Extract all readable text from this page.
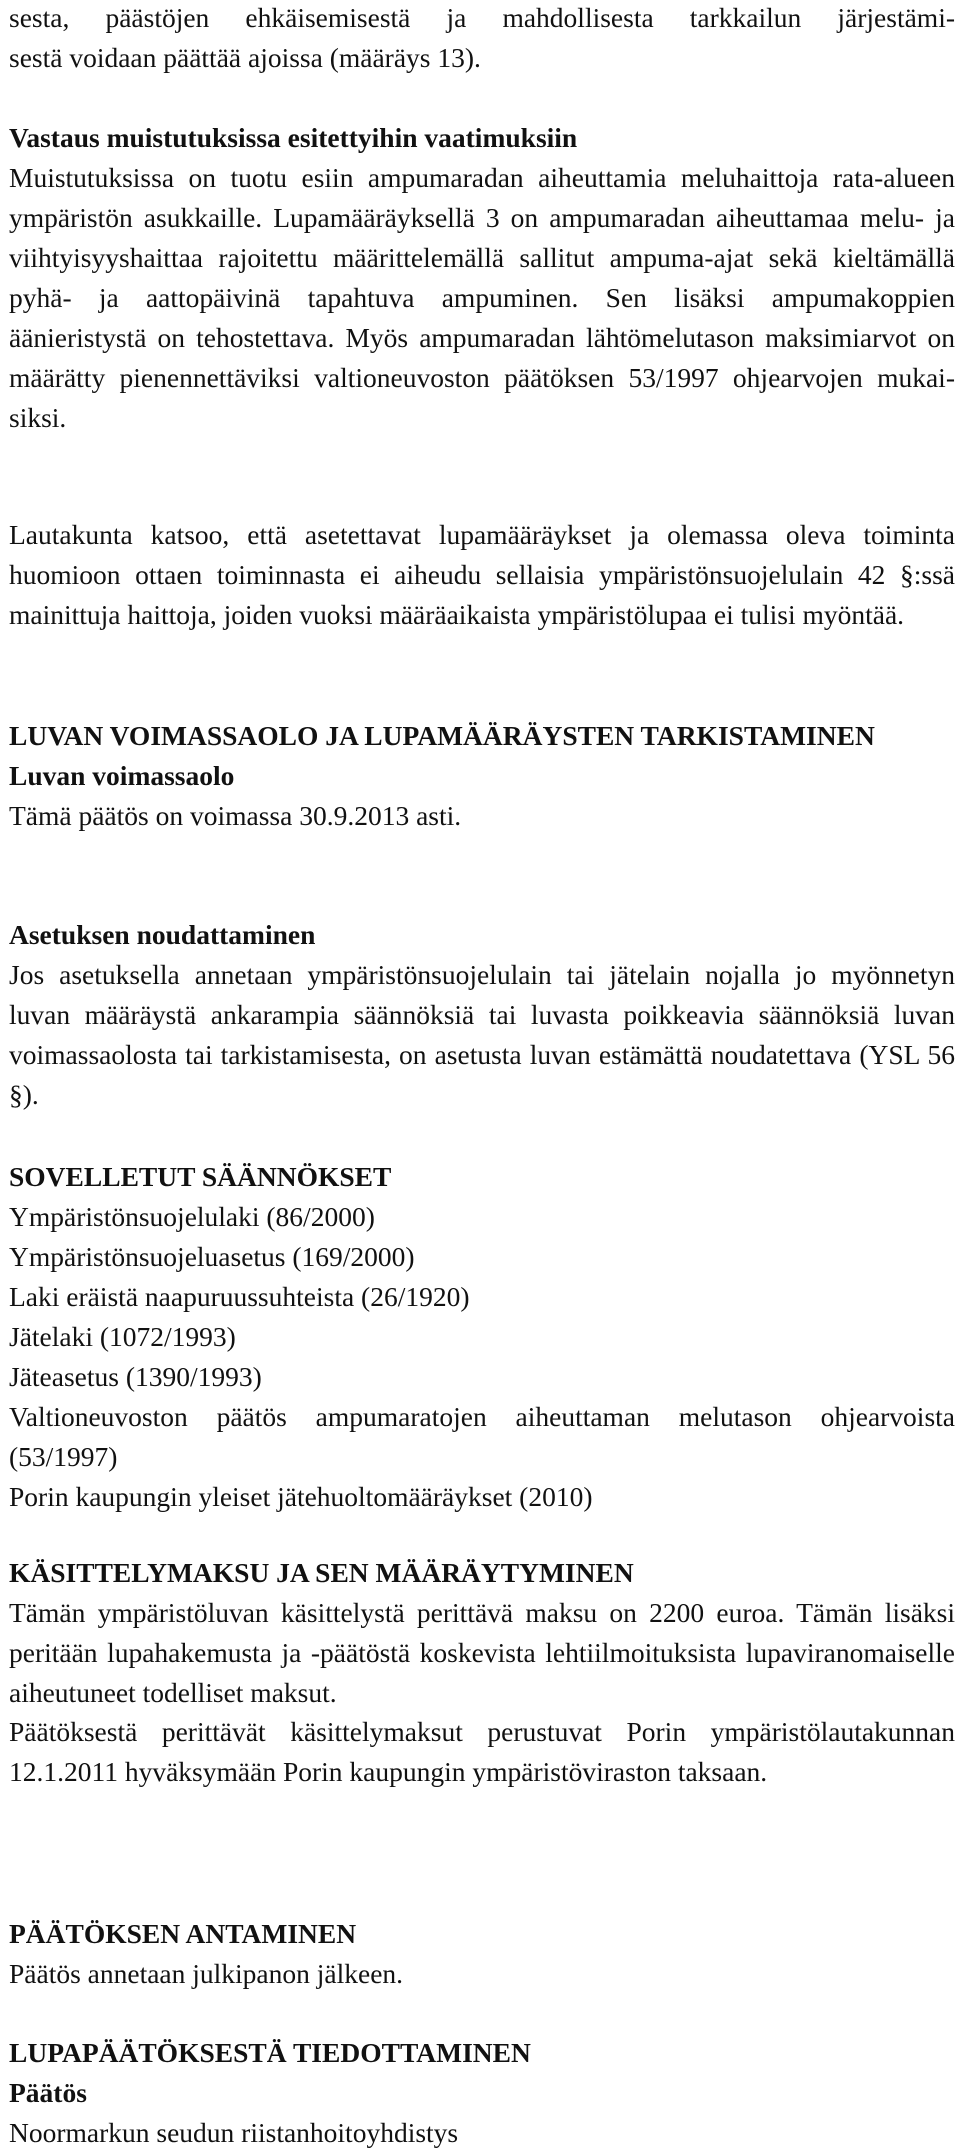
sesta, päästöjen ehkäisemisestä ja mahdollisesta tarkkailun järjestämi-
sestä voidaan päättää ajoissa (määräys 13).
Vastaus muistutuksissa esitettyihin vaatimuksiin

Muistutuksissa on tuotu esiin ampumaradan aiheuttamia meluhaittoja rata-alueen ympäristön asukkaille. Lupamääräyksellä 3 on ampumaradan aiheuttamaa melu- ja viihtyisyyshaittaa rajoitettu määrittelemällä sallitut ampuma-ajat sekä kieltämällä pyhä- ja aattopäivinä tapahtuva ampuminen. Sen lisäksi ampumakoppien äänieristystä on tehostettava. Myös ampumaradan lähtömelutason maksimiarvot on määrätty pienennettäviksi valtioneuvoston päätöksen 53/1997 ohjearvojen mukaisiksi.

Lautakunta katsoo, että asetettavat lupamääräykset ja olemassa oleva toiminta huomioon ottaen toiminnasta ei aiheudu sellaisia ympäristönsuojelulain 42 §:ssä mainittuja haittoja, joiden vuoksi määräaikaista ympäristölupaa ei tulisi myöntää.

LUVAN VOIMASSAOLO JA LUPAMÄÄRÄYSTEN TARKISTAMINEN

Luvan voimassaolo
Tämä päätös on voimassa 30.9.2013 asti.
Asetuksen noudattaminen

Jos asetuksella annetaan ympäristönsuojelulain tai jätelain nojalla jo myönnetyn luvan määräystä ankarampia säännöksiä tai luvasta poikkeavia säännöksiä luvan voimassaolosta tai tarkistamisesta, on asetusta luvan estämättä noudatettava (YSL 56 §).

SOVELLETUT SÄÄNNÖKSET
Ympäristönsuojelulaki (86/2000)
Ympäristönsuojeluasetus (169/2000)
Laki eräistä naapuruussuhteista (26/1920)
Jätelaki (1072/1993)
Jäteasetus (1390/1993)

Valtioneuvoston päätös ampumaratojen aiheuttaman melutason ohjearvoista (53/1997)

Porin kaupungin yleiset jätehuoltomääräykset (2010)
KÄSITTELYMAKSU JA SEN MÄÄRÄYTYMINEN

Tämän ympäristöluvan käsittelystä perittävä maksu on 2200 euroa. Tämän lisäksi peritään lupahakemusta ja -päätöstä koskevista lehtiilmoituksista lupaviranomaiselle aiheutuneet todelliset maksut.

Päätöksestä perittävät käsittelymaksut perustuvat Porin ympäristölautakunnan 12.1.2011 hyväksymään Porin kaupungin ympäristöviraston taksaan.

PÄÄTÖKSEN ANTAMINEN
Päätös annetaan julkipanon jälkeen.
LUPAPÄÄTÖKSESTÄ TIEDOTTAMINEN
Päätös
Noormarkun seudun riistanhoitoyhdistys
